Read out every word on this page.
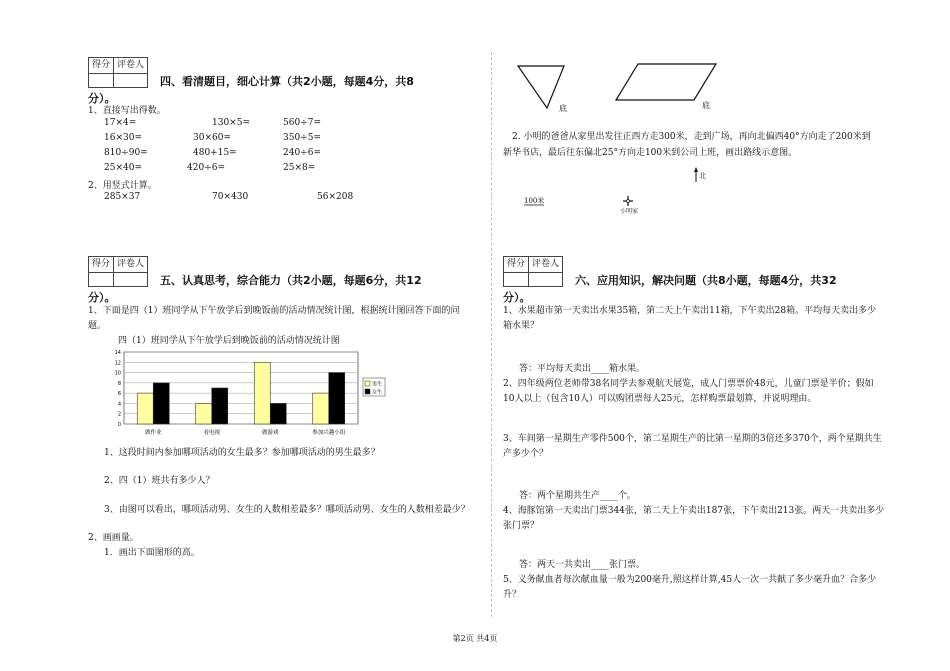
得分 评卷人
四、看清题目，细心计算（共2小题，每题4分，共8
分）。
1、直接写出得数。
17×4=	130×5=	560÷7=
16×30=	30×60=	350÷5=
810÷90=	480+15=	240÷6=
25×40=	420÷6=	25×8=
2、用竖式计算。
285×37	70×430	56×208
得分 评卷人
五、认真思考，综合能力（共2小题，每题6分，共12
分）。
1、下面是四（1）班同学从下午放学后到晚饭前的活动情况统计图，根据统计图回答下面的问
题。
四（1）班同学从下午放学后到晚饭前的活动情况统计图
0
2
4
6
8
10
12
14
做作业	看电视	做游戏	参加兴趣小组
男生
女生
1、这段时间内参加哪项活动的女生最多？参加哪项活动的男生最多？
2、四（1）班共有多少人？
3、由图可以看出，哪项活动男、女生的人数相差最多？哪项活动男、女生的人数相差最少？
2、画画量。
1．画出下面图形的高。
底	底
2. 小明的爸爸从家里出发往正西方走300米，走到广场，再向北偏西40°方向走了200米到
新华书店，最后往东偏北25°方向走100米到公司上班，画出路线示意图。
北
100米
小明家
得分 评卷人
六、应用知识，解决问题（共8小题，每题4分，共32
分）。
1、水果超市第一天卖出水果35箱，第二天上午卖出11箱，下午卖出28箱。平均每天卖出多少
箱水果？
答：平均每天卖出____箱水果。
2、四年级两位老师带38名同学去参观航天展览，成人门票票价48元，儿童门票是半价；假如
10人以上（包含10人）可以购团票每人25元，怎样购票最划算，并说明理由。
3、车间第一星期生产零件500个，第二星期生产的比第一星期的3倍还多370个，两个星期共生
产多少个？
答：两个星期共生产____个。
4、海豚馆第一天卖出门票344张，第二天上午卖出187张，下午卖出213张。两天一共卖出多少
张门票？
答：两天一共卖出____张门票。
5、义务献血者每次献血量一般为200毫升,照这样计算,45人一次一共献了多少毫升血？合多少
升？
第2页 共4页
